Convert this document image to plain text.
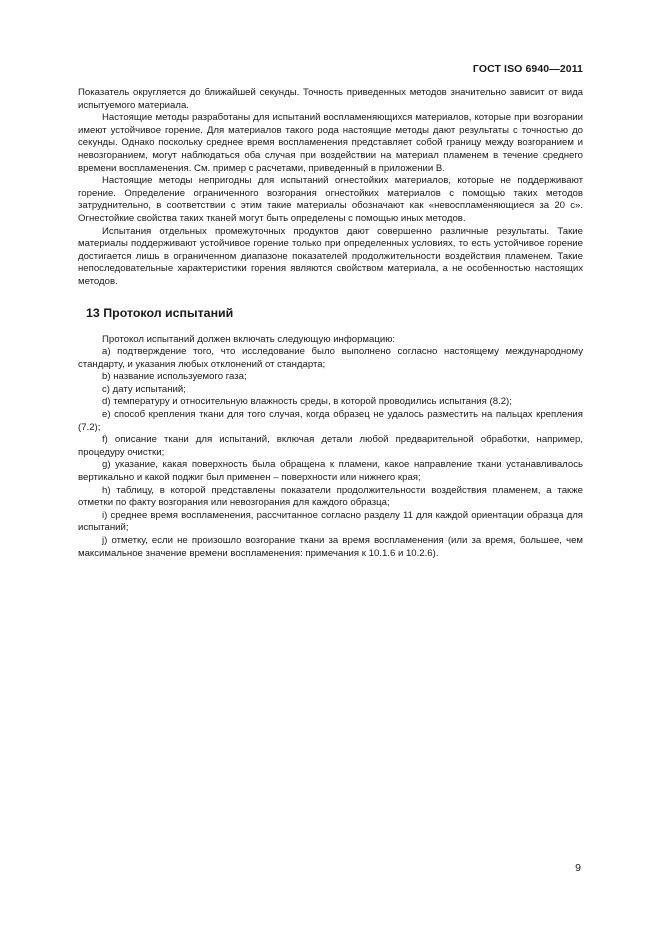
ГОСТ ISO 6940—2011

Показатель округляется до ближайшей секунды. Точность приведенных методов значительно зависит от вида испытуемого материала.

Настоящие методы разработаны для испытаний воспламеняющихся материалов, которые при возгорании имеют устойчивое горение. Для материалов такого рода настоящие методы дают результаты с точностью до секунды. Однако поскольку среднее время воспламенения представляет собой границу между возгоранием и невозгоранием, могут наблюдаться оба случая при воздействии на материал пламенем в течение среднего времени воспламенения. См. пример с расчетами, приведенный в приложении В.

Настоящие методы непригодны для испытаний огнестойких материалов, которые не поддерживают горение. Определение ограниченного возгорания огнестойких материалов с помощью таких методов затруднительно, в соответствии с этим такие материалы обозначают как «невоспламеняющиеся за 20 с». Огнестойкие свойства таких тканей могут быть определены с помощью иных методов.

Испытания отдельных промежуточных продуктов дают совершенно различные результаты. Такие материалы поддерживают устойчивое горение только при определенных условиях, то есть устойчивое горение достигается лишь в ограниченном диапазоне показателей продолжительности воздействия пламенем. Такие непоследовательные характеристики горения являются свойством материала, а не особенностью настоящих методов.

13 Протокол испытаний

Протокол испытаний должен включать следующую информацию:

a) подтверждение того, что исследование было выполнено согласно настоящему международному стандарту, и указания любых отклонений от стандарта;

b) название используемого газа;

c) дату испытаний;

d) температуру и относительную влажность среды, в которой проводились испытания (8.2);

e) способ крепления ткани для того случая, когда образец не удалось разместить на пальцах крепления (7.2);

f) описание ткани для испытаний, включая детали любой предварительной обработки, например, процедуру очистки;

g) указание, какая поверхность была обращена к пламени, какое направление ткани устанавливалось вертикально и какой поджиг был применен – поверхности или нижнего края;

h) таблицу, в которой представлены показатели продолжительности воздействия пламенем, а также отметки по факту возгорания или невозгорания для каждого образца;

i) среднее время воспламенения, рассчитанное согласно разделу 11 для каждой ориентации образца для испытаний;

j) отметку, если не произошло возгорание ткани за время воспламенения (или за время, большее, чем максимальное значение времени воспламенения: примечания к 10.1.6 и 10.2.6).

9
